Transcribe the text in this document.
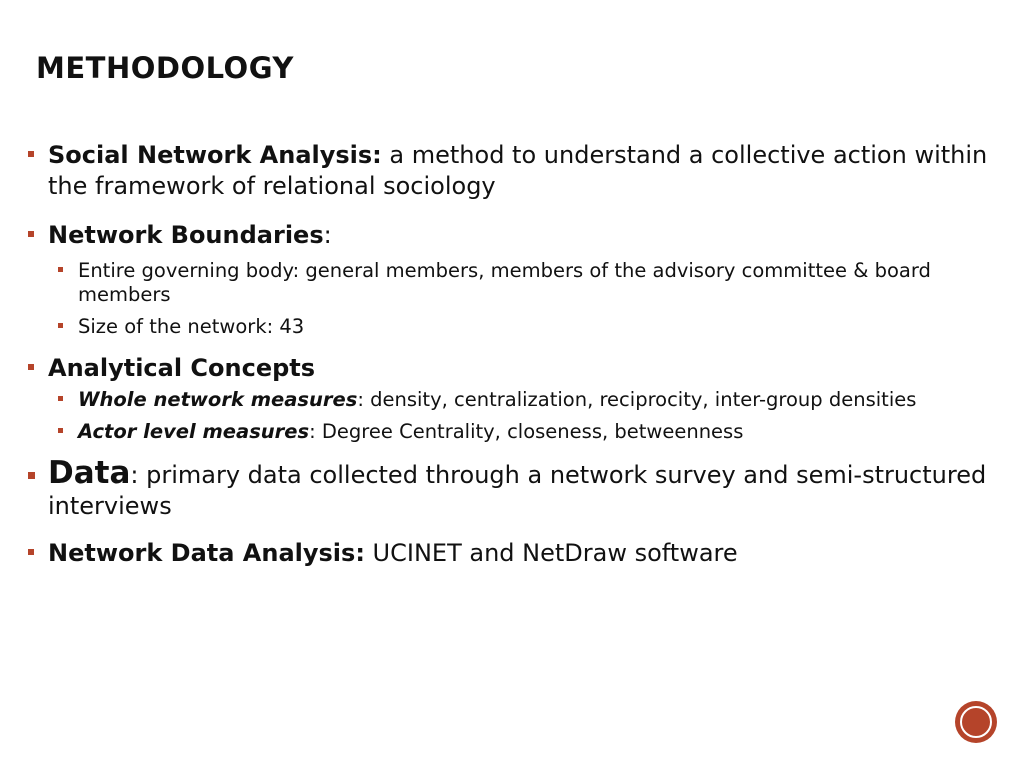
METHODOLOGY
Social Network Analysis: a method to understand a collective action within the framework of relational sociology
Network Boundaries:
Entire governing body: general members, members of the advisory committee & board members
Size of the network: 43
Analytical Concepts
Whole network measures: density, centralization, reciprocity, inter-group densities
Actor level measures: Degree Centrality, closeness, betweenness
Data: primary data collected through a network survey and semi-structured interviews
Network Data Analysis: UCINET and NetDraw software
